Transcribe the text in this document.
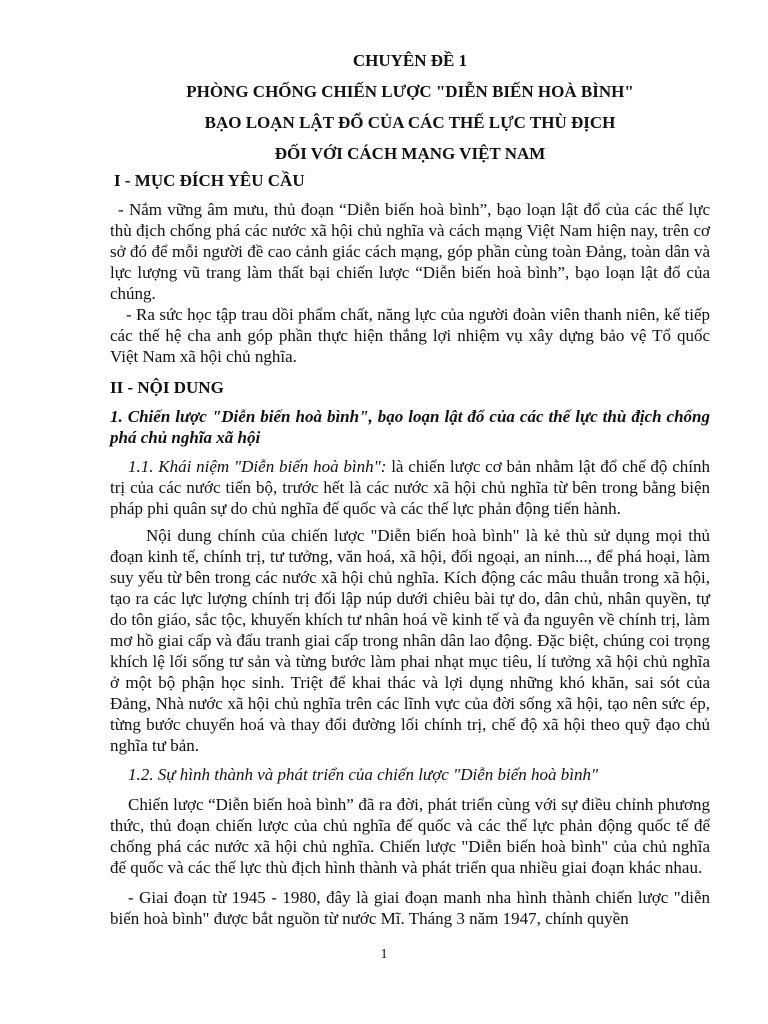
CHUYÊN ĐỀ 1
PHÒNG CHỐNG CHIẾN LƯỢC "DIỄN BIẾN HOÀ BÌNH"
BẠO LOẠN LẬT ĐỔ CỦA CÁC THẾ LỰC THÙ ĐỊCH
ĐỐI VỚI CÁCH MẠNG VIỆT NAM
I - MỤC ĐÍCH YÊU CẦU

- Nắm vững âm mưu, thủ đoạn “Diễn biến hoà bình”, bạo loạn lật đổ của các thế lực thù địch chống phá các nước xã hội chủ nghĩa và cách mạng Việt Nam hiện nay, trên cơ sở đó để mỗi người đề cao cảnh giác cách mạng, góp phần cùng toàn Đảng, toàn dân và lực lượng vũ trang làm thất bại chiến lược “Diễn biến hoà bình”, bạo loạn lật đổ của chúng.

- Ra sức học tập trau dồi phẩm chất, năng lực của người đoàn viên thanh niên, kế tiếp các thế hệ cha anh góp phần thực hiện thắng lợi nhiệm vụ xây dựng bảo vệ Tổ quốc Việt Nam xã hội chủ nghĩa.

II - NỘI DUNG

1. Chiến lược "Diễn biến hoà bình", bạo loạn lật đổ của các thế lực thù địch chống phá chủ nghĩa xã hội

1.1. Khái niệm "Diễn biến hoà bình": là chiến lược cơ bản nhằm lật đổ chế độ chính trị của các nước tiến bộ, trước hết là các nước xã hội chủ nghĩa từ bên trong bằng biện pháp phi quân sự do chủ nghĩa đế quốc và các thế lực phản động tiến hành.

Nội dung chính của chiến lược "Diễn biến hoà bình" là kẻ thù sử dụng mọi thủ đoạn kinh tế, chính trị, tư tưởng, văn hoá, xã hội, đối ngoại, an ninh..., để phá hoại, làm suy yếu từ bên trong các nước xã hội chủ nghĩa. Kích động các mâu thuẫn trong xã hội, tạo ra các lực lượng chính trị đối lập núp dưới chiêu bài tự do, dân chủ, nhân quyền, tự do tôn giáo, sắc tộc, khuyến khích tư nhân hoá về kinh tế và đa nguyên về chính trị, làm mơ hồ giai cấp và đấu tranh giai cấp trong nhân dân lao động. Đặc biệt, chúng coi trọng khích lệ lối sống tư sản và từng bước làm phai nhạt mục tiêu, lí tưởng xã hội chủ nghĩa ở một bộ phận học sinh. Triệt để khai thác và lợi dụng những khó khăn, sai sót của Đảng, Nhà nước xã hội chủ nghĩa trên các lĩnh vực của đời sống xã hội, tạo nên sức ép, từng bước chuyển hoá và thay đổi đường lối chính trị, chế độ xã hội theo quỹ đạo chủ nghĩa tư bản.

1.2. Sự hình thành và phát triển của chiến lược "Diễn biến hoà bình"

Chiến lược “Diễn biến hoà bình” đã ra đời, phát triển cùng với sự điều chỉnh phương thức, thủ đoạn chiến lược của chủ nghĩa đế quốc và các thế lực phản động quốc tế để chống phá các nước xã hội chủ nghĩa. Chiến lược "Diễn biến hoà bình" của chủ nghĩa đế quốc và các thế lực thù địch hình thành và phát triển qua nhiều giai đoạn khác nhau.

- Giai đoạn từ 1945 - 1980, đây là giai đoạn manh nha hình thành chiến lược "diễn biến hoà bình" được bắt nguồn từ nước Mĩ. Tháng 3 năm 1947, chính quyền

1
